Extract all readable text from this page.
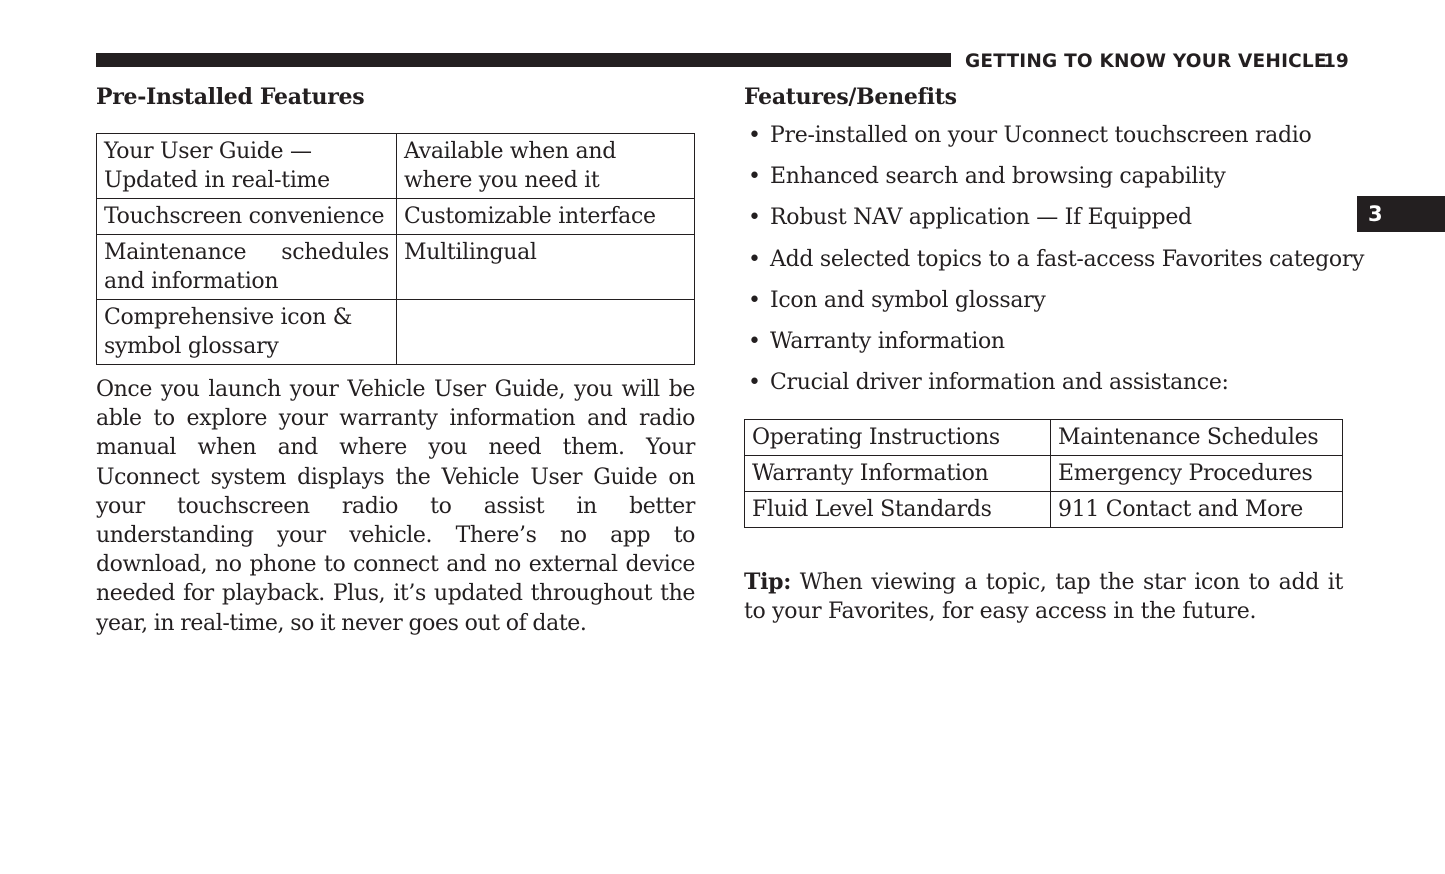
GETTING TO KNOW YOUR VEHICLE
19
3
Pre-Installed Features
Your User Guide — Updated in real-time	Available when and where you need it
Touchscreen convenience	Customizable interface
Maintenance schedules and information	Multilingual
Comprehensive icon & symbol glossary	

Once you launch your Vehicle User Guide, you will be able to explore your warranty information and radio manual when and where you need them. Your Uconnect system displays the Vehicle User Guide on your touchscreen radio to assist in better understanding your vehicle. There’s no app to download, no phone to connect and no external device needed for playback. Plus, it’s updated throughout the year, in real-time, so it never goes out of date.

Features/Benefits
• Pre-installed on your Uconnect touchscreen radio
• Enhanced search and browsing capability
• Robust NAV application — If Equipped
• Add selected topics to a fast-access Favorites category
• Icon and symbol glossary
• Warranty information
• Crucial driver information and assistance:
Operating Instructions	Maintenance Schedules
Warranty Information	Emergency Procedures
Fluid Level Standards	911 Contact and More

Tip: When viewing a topic, tap the star icon to add it to your Favorites, for easy access in the future.
